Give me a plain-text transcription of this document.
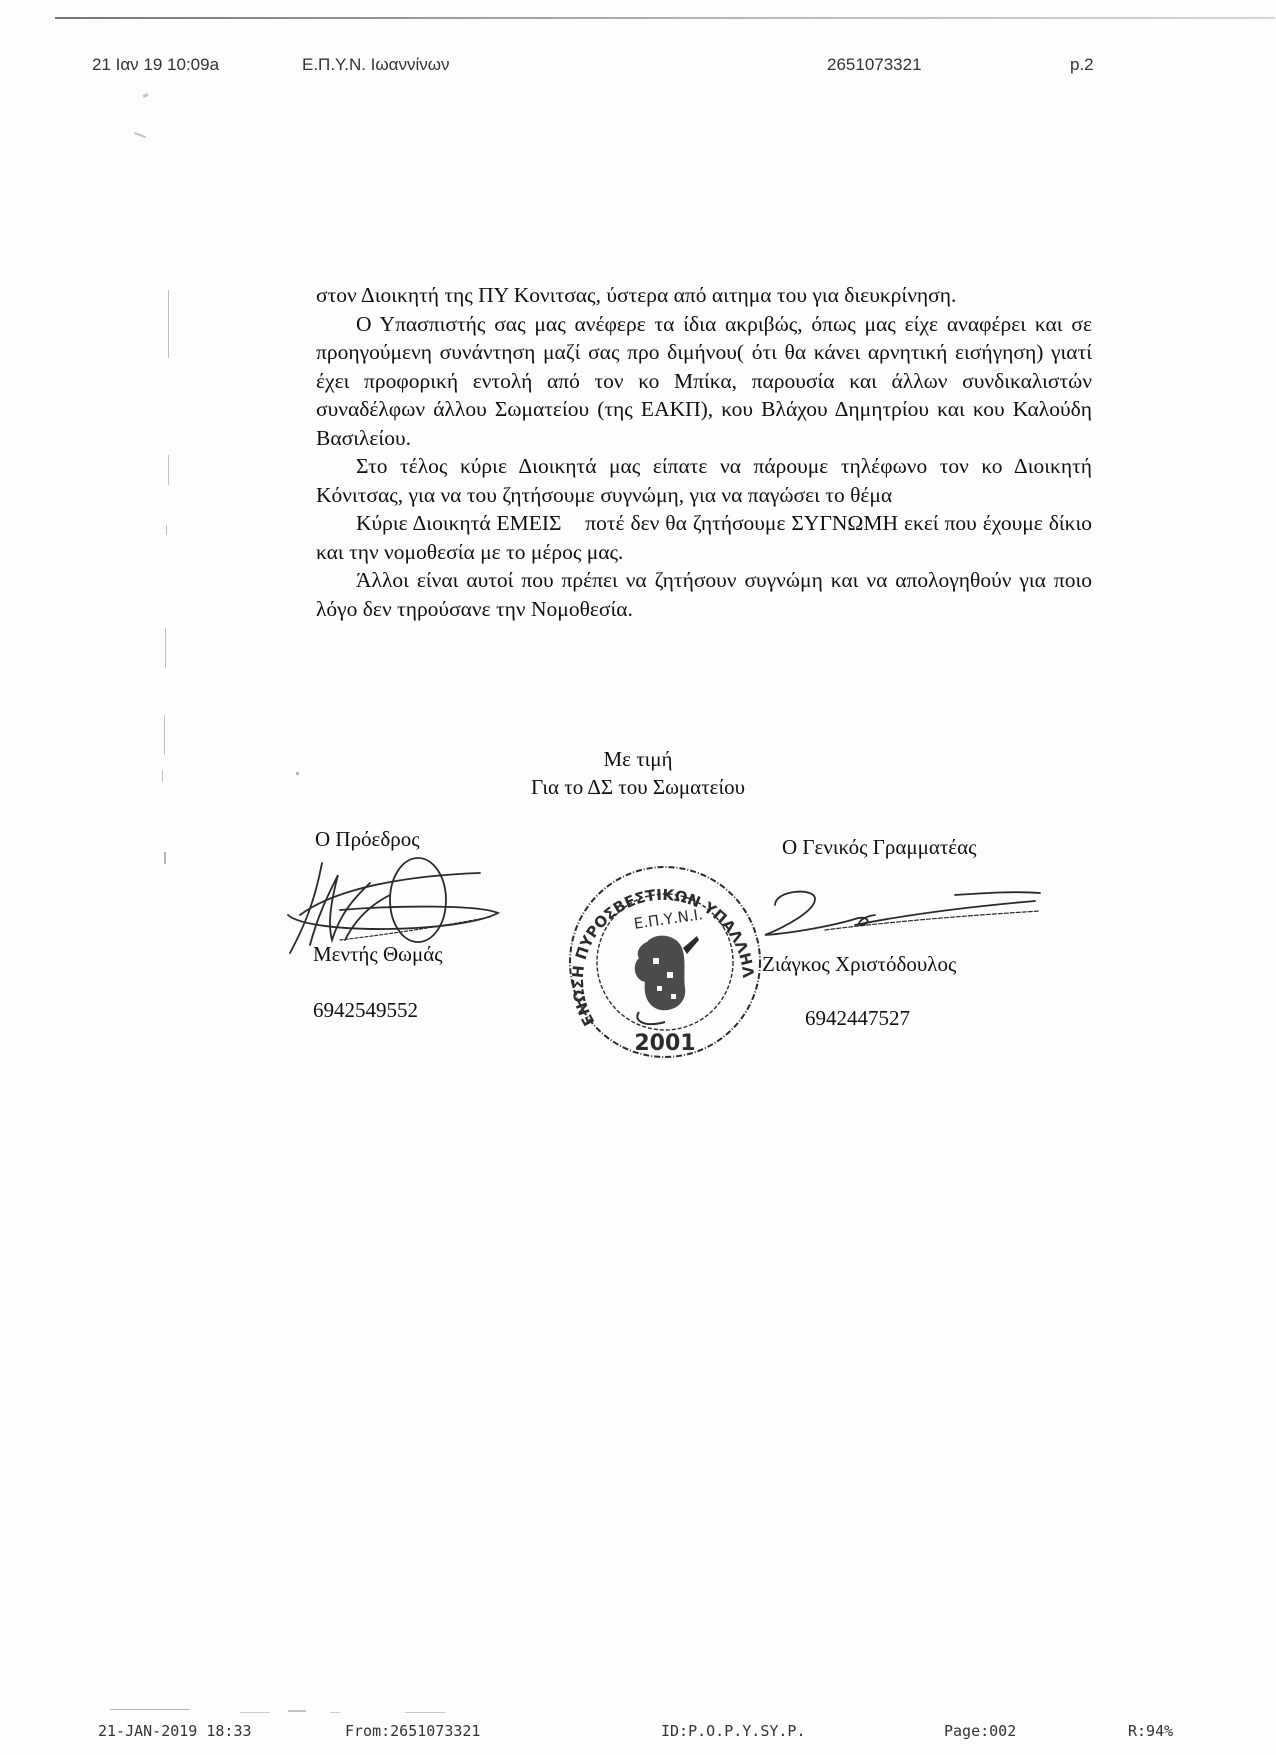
21 Ιαν 19 10:09a	Ε.Π.Υ.Ν. Ιωαννίνων	2651073321	p.2

στον Διοικητή της ΠΥ Κονιτσας, ύστερα από αιτημα του για διευκρίνηση.

Ο Υπασπιστής σας μας ανέφερε τα ίδια ακριβώς, όπως μας είχε αναφέρει και σε προηγούμενη συνάντηση μαζί σας προ διμήνου( ότι θα κάνει αρνητική εισήγηση) γιατί έχει προφορική εντολή από τον κο Μπίκα, παρουσία και άλλων συνδικαλιστών συναδέλφων άλλου Σωματείου (της ΕΑΚΠ), κου Βλάχου Δημητρίου και κου Καλούδη Βασιλείου.

Στο τέλος κύριε Διοικητά μας είπατε να πάρουμε τηλέφωνο τον κο Διοικητή Κόνιτσας, για να του ζητήσουμε συγνώμη, για να παγώσει το θέμα

Κύριε Διοικητά ΕΜΕΙΣ    ποτέ δεν θα ζητήσουμε ΣΥΓΝΩΜΗ εκεί που έχουμε δίκιο και την νομοθεσία με το μέρος μας.

Άλλοι είναι αυτοί που πρέπει να ζητήσουν συγνώμη και να απολογηθούν για ποιο λόγο δεν τηρούσανε την Νομοθεσία.

Με τιμή
Για το ΔΣ του Σωματείου
Ο Πρόεδρος
Μεντής Θωμάς
6942549552	ΕΝΩΣΗ ΠΥΡΟΣΒΕΣΤΙΚΩΝ ΥΠΑΛΛΗΛΩΝ ΝΟΜΟΥ
Ε.Π.Υ.Ν.Ι.
2001
Ο Γενικός Γραμματέας
Ζιάγκος Χριστόδουλος
6942447527
21-JAN-2019 18:33	From:2651073321	ID:P.O.P.Y.SY.P.	Page:002	R:94%
